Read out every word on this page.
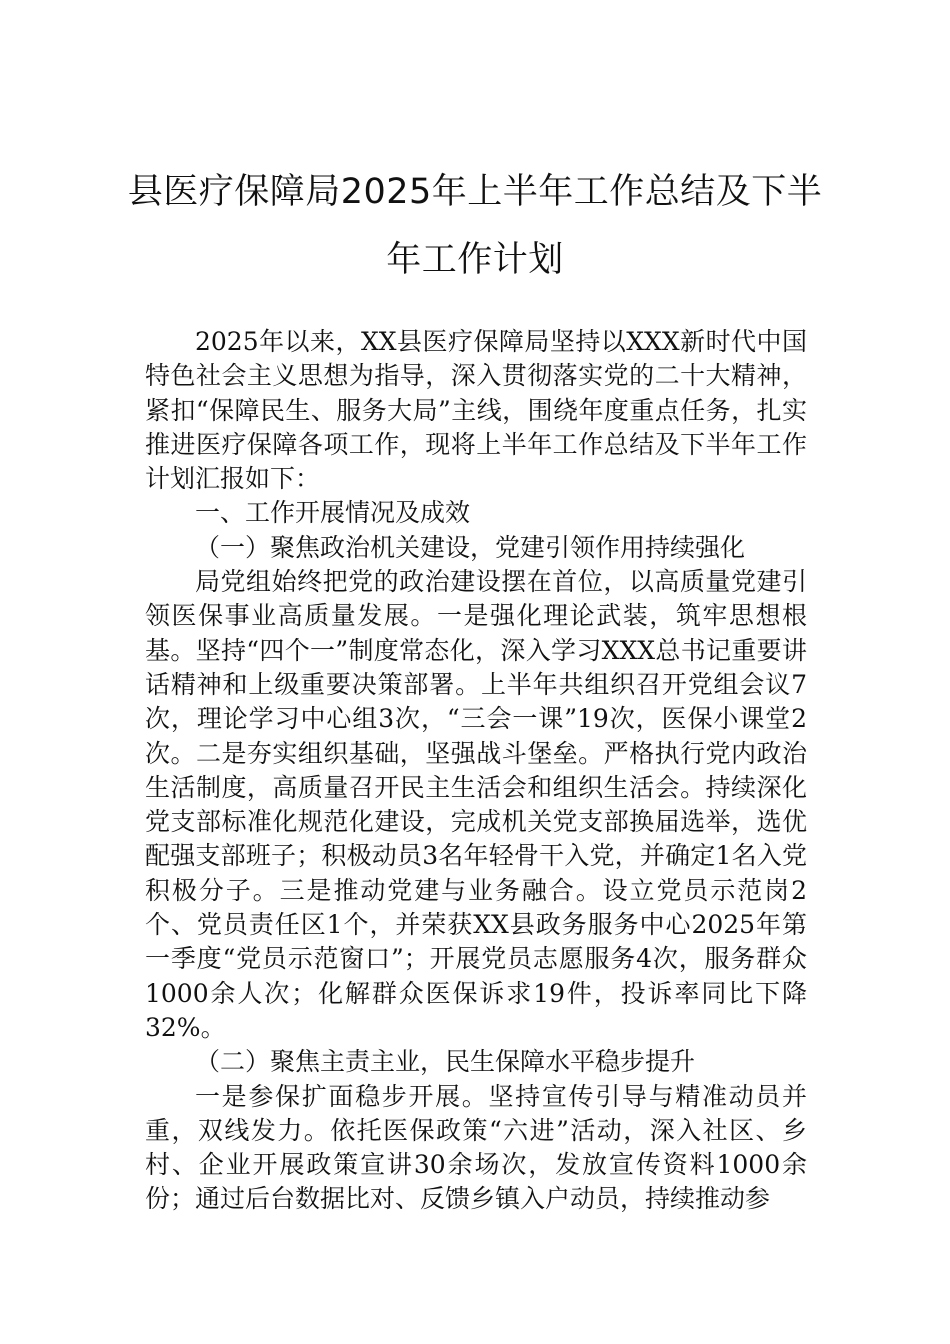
县医疗保障局2025年上半年工作总结及下半年工作计划

2025年以来，XX县医疗保障局坚持以XXX新时代中国特色社会主义思想为指导，深入贯彻落实党的二十大精神，紧扣“保障民生、服务大局”主线，围绕年度重点任务，扎实推进医疗保障各项工作，现将上半年工作总结及下半年工作计划汇报如下：

一、工作开展情况及成效

（一）聚焦政治机关建设，党建引领作用持续强化

局党组始终把党的政治建设摆在首位，以高质量党建引领医保事业高质量发展。一是强化理论武装，筑牢思想根基。坚持“四个一”制度常态化，深入学习XXX总书记重要讲话精神和上级重要决策部署。上半年共组织召开党组会议7次，理论学习中心组3次，“三会一课”19次，医保小课堂2次。二是夯实组织基础，坚强战斗堡垒。严格执行党内政治生活制度，高质量召开民主生活会和组织生活会。持续深化党支部标准化规范化建设，完成机关党支部换届选举，选优配强支部班子；积极动员3名年轻骨干入党，并确定1名入党积极分子。三是推动党建与业务融合。设立党员示范岗2个、党员责任区1个，并荣获XX县政务服务中心2025年第一季度“党员示范窗口”；开展党员志愿服务4次，服务群众1000余人次；化解群众医保诉求19件，投诉率同比下降32%。

（二）聚焦主责主业，民生保障水平稳步提升

一是参保扩面稳步开展。坚持宣传引导与精准动员并重，双线发力。依托医保政策“六进”活动，深入社区、乡村、企业开展政策宣讲30余场次，发放宣传资料1000余份；通过后台数据比对、反馈乡镇入户动员，持续推动参
